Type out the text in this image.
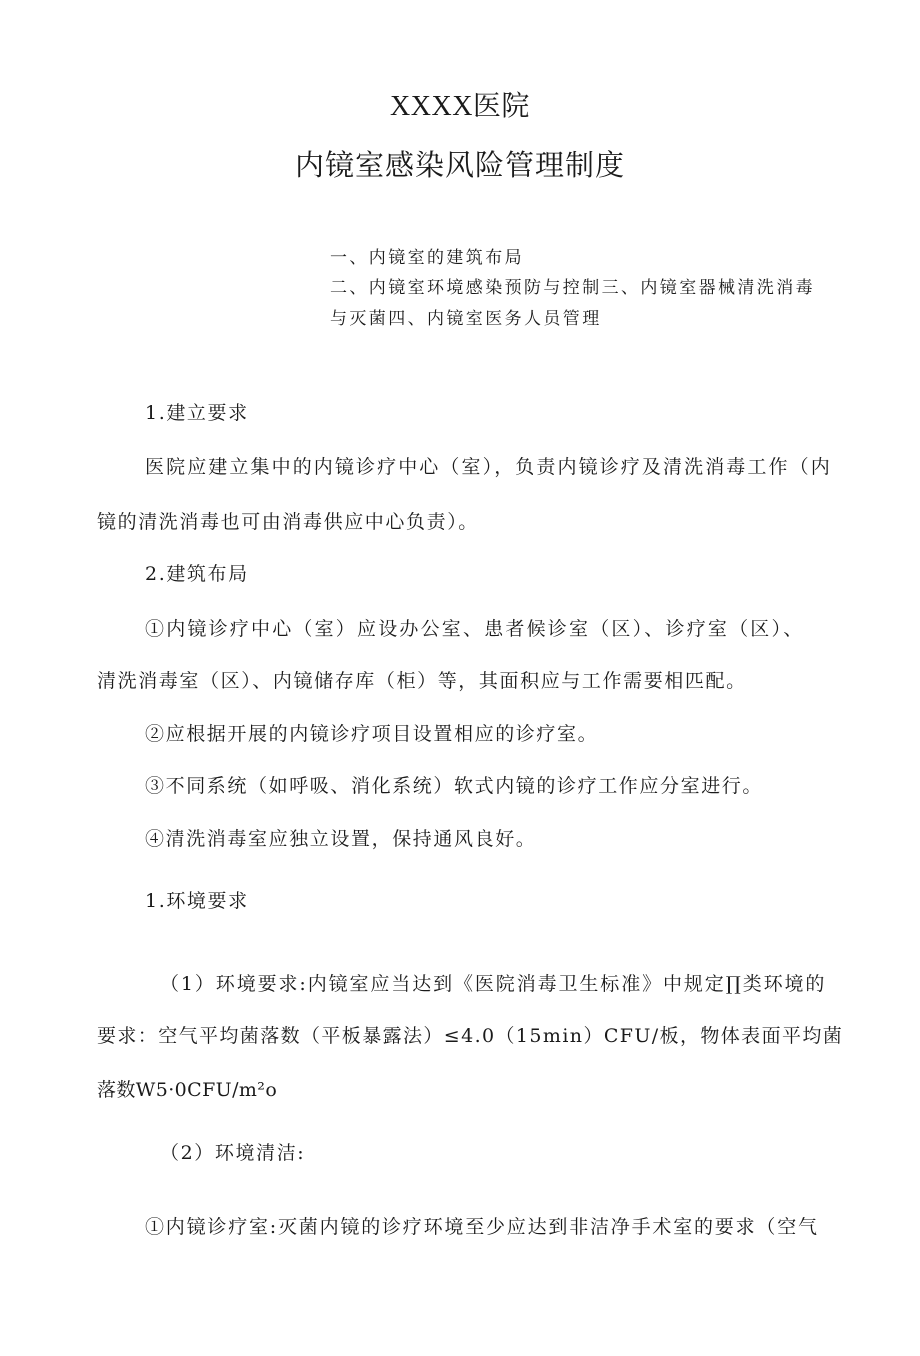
XXXX医院
内镜室感染风险管理制度
一、内镜室的建筑布局
二、内镜室环境感染预防与控制三、内镜室器械清洗消毒
与灭菌四、内镜室医务人员管理
1.建立要求
医院应建立集中的内镜诊疗中心（室），负责内镜诊疗及清洗消毒工作（内
镜的清洗消毒也可由消毒供应中心负责）。
2.建筑布局
①内镜诊疗中心（室）应设办公室、患者候诊室（区）、诊疗室（区）、
清洗消毒室（区）、内镜储存库（柜）等，其面积应与工作需要相匹配。
②应根据开展的内镜诊疗项目设置相应的诊疗室。
③不同系统（如呼吸、消化系统）软式内镜的诊疗工作应分室进行。
④清洗消毒室应独立设置，保持通风良好。
1.环境要求
（1）环境要求:内镜室应当达到《医院消毒卫生标准》中规定∏类环境的
要求：空气平均菌落数（平板暴露法）≤4.0（15min）CFU/板，物体表面平均菌
落数W5·0CFU∕m²o
（2）环境清洁:
①内镜诊疗室:灭菌内镜的诊疗环境至少应达到非洁净手术室的要求（空气
